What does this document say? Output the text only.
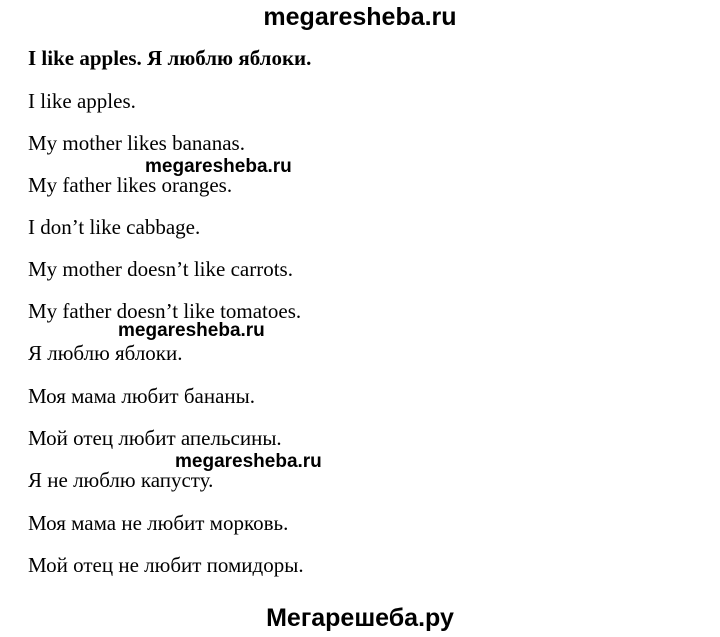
megaresheba.ru
I like apples. Я люблю яблоки.
I like apples.
My mother likes bananas.
My father likes oranges.
I don’t like cabbage.
My mother doesn’t like carrots.
My father doesn’t like tomatoes.
Я люблю яблоки.
Моя мама любит бананы.
Мой отец любит апельсины.
Я не люблю капусту.
Моя мама не любит морковь.
Мой отец не любит помидоры.
megaresheba.ru
megaresheba.ru
megaresheba.ru
Мегарешеба.ру
